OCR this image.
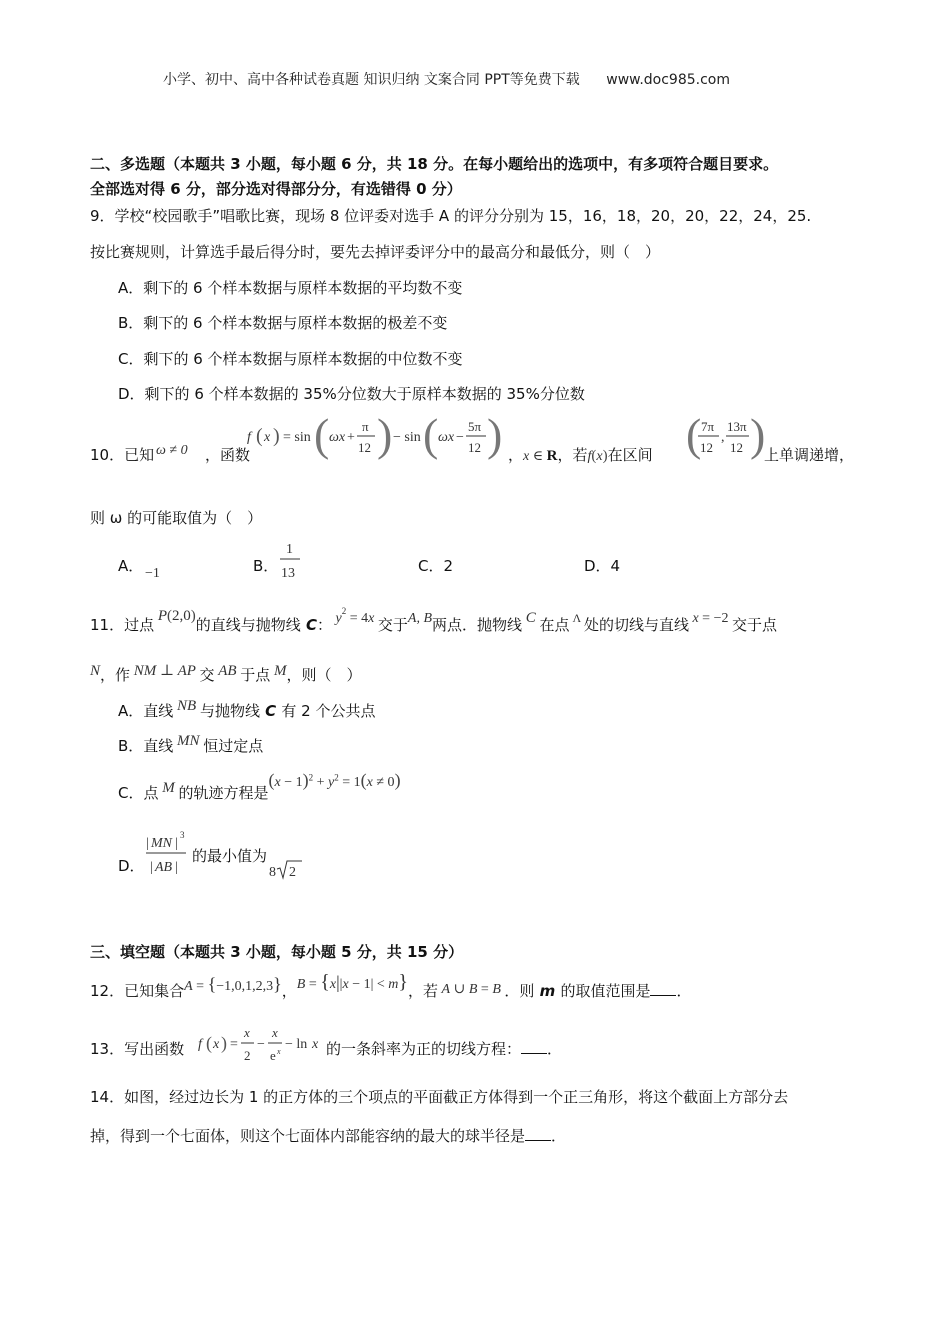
小学、初中、高中各种试卷真题 知识归纳 文案合同 PPT等免费下载 www.doc985.com
二、多选题（本题共 3 小题，每小题 6 分，共 18 分。在每小题给出的选项中，有多项符合题目要求。
全部选对得 6 分，部分选对得部分分，有选错得 0 分）
9．学校“校园歌手”唱歌比赛，现场 8 位评委对选手 A 的评分分别为 15，16，18，20，20，22，24，25.
按比赛规则，计算选手最后得分时，要先去掉评委评分中的最高分和最低分，则（　）
A．剩下的 6 个样本数据与原样本数据的平均数不变
B．剩下的 6 个样本数据与原样本数据的极差不变
C．剩下的 6 个样本数据与原样本数据的中位数不变
D．剩下的 6 个样本数据的 35%分位数大于原样本数据的 35%分位数
10．已知 ω ≠ 0 ，函数
f ( x ) = sin ( ωx +
π
12 ) − sin ( ωx −
5π
12 ) ，x ∈ R，若f(x)在区间 ( 7π
12
,
13π
12 )
上单调递增，
则 ω 的可能取值为（　）
A． −1	B．
1
13	C．2	D．4
11．过点 P(2,0)的直线与抛物线 C： $y^2 = 4x$ 交于A, B两点．抛物线 C 在点 $^\Lambda$ 处的切线与直线 x = −2 交于点
N，作 NM ⊥ AP 交 AB 于点 M，则（　）
A．直线 NB 与抛物线 C 有 2 个公共点
B．直线 MN 恒过定点
C．点 M 的轨迹方程是$(x - 1)^2 + y^2 = 1(x \ne 0)$
D．
| MN |
3
| AB |
的最小值为
8 2
三、填空题（本题共 3 小题，每小题 5 分，共 15 分）
12．已知集合A = {−1,0,1,2,3}，B = {x||x − 1| < m}，若 A ∪ B = B ．则 m 的取值范围是 ．
13．写出函数 f ( x ) =
x
2
−
x
e x − ln x 的一条斜率为正的切线方程： ．
14．如图，经过边长为 1 的正方体的三个项点的平面截正方体得到一个正三角形，将这个截面上方部分去
掉，得到一个七面体，则这个七面体内部能容纳的最大的球半径是 ．
